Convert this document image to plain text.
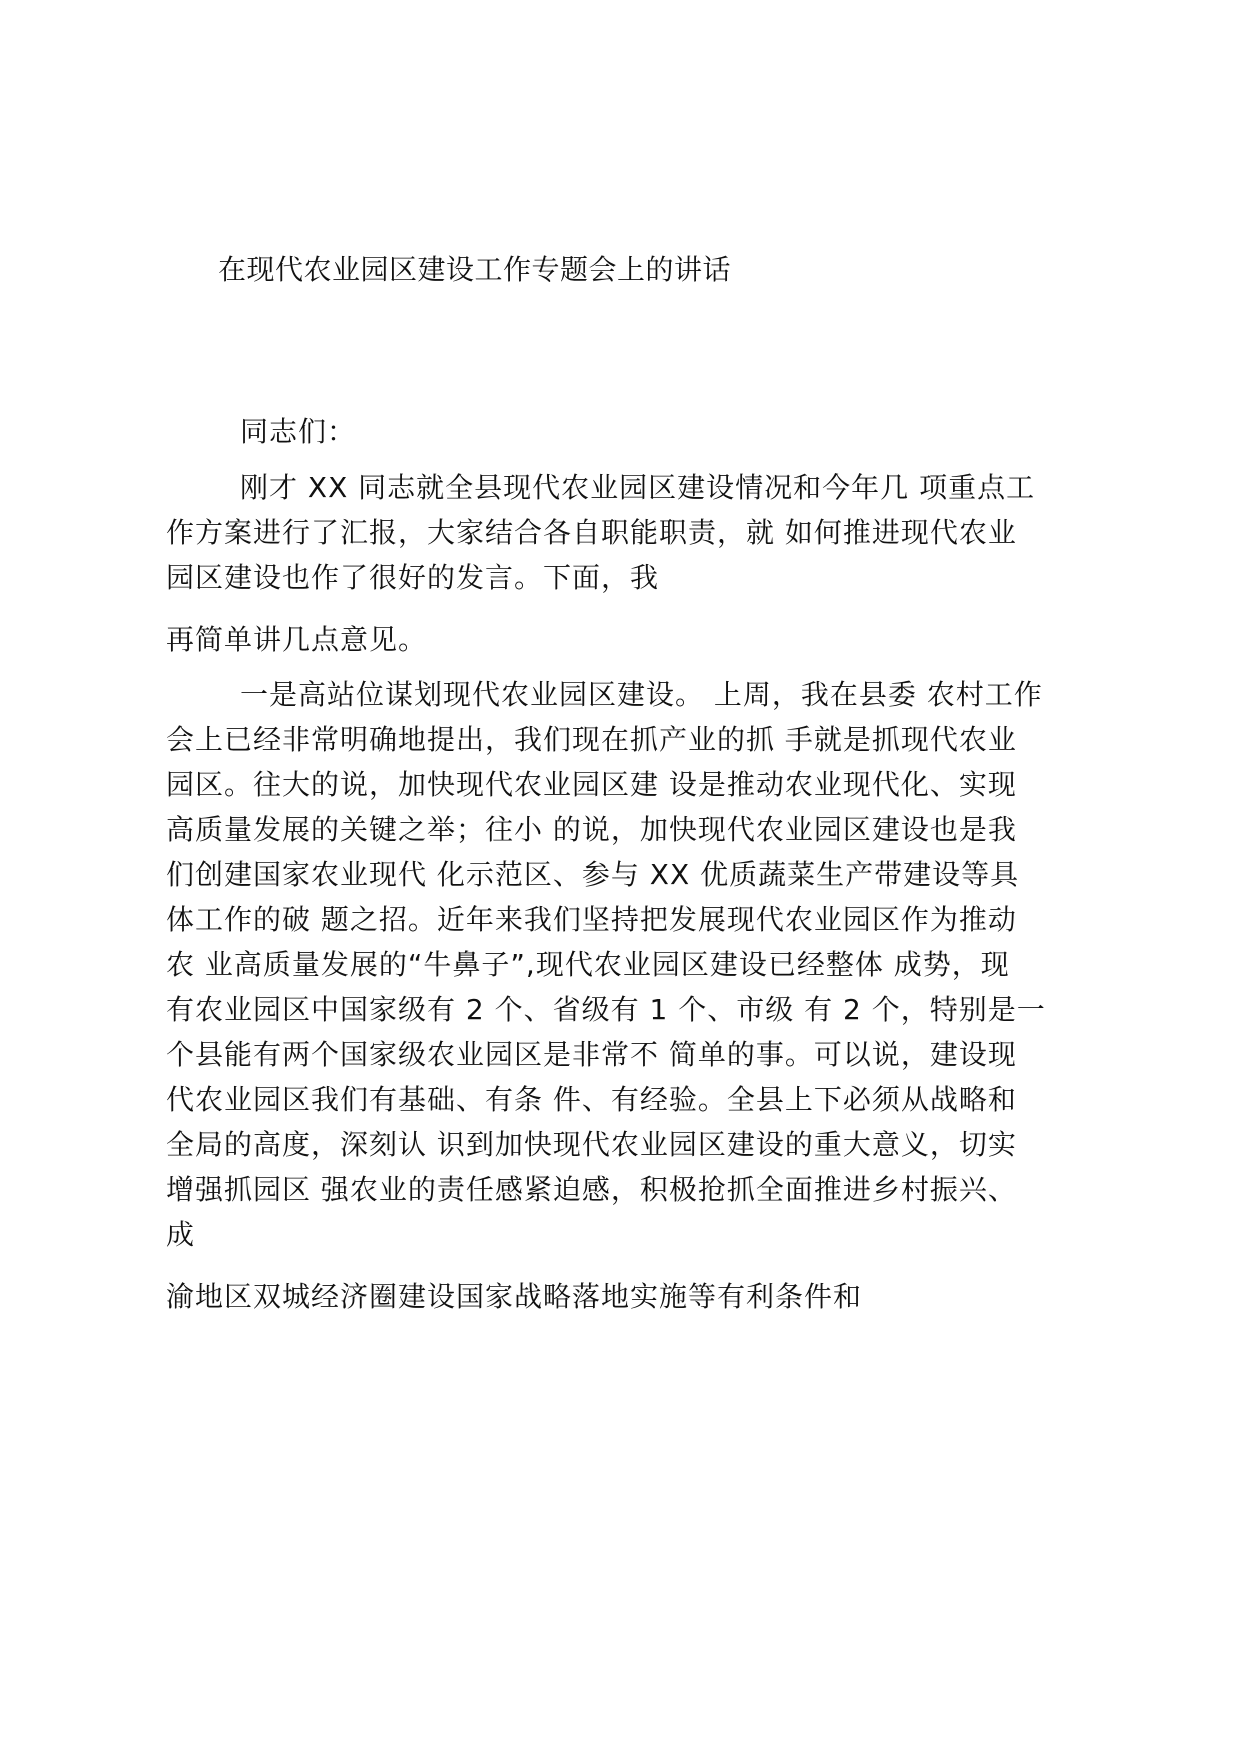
在现代农业园区建设工作专题会上的讲话
同志们：
刚才 XX 同志就全县现代农业园区建设情况和今年几 项重点工
作方案进行了汇报，大家结合各自职能职责，就 如何推进现代农业
园区建设也作了很好的发言。下面，我
再简单讲几点意见。
一是高站位谋划现代农业园区建设。 上周，我在县委 农村工作
会上已经非常明确地提出，我们现在抓产业的抓 手就是抓现代农业
园区。往大的说，加快现代农业园区建 设是推动农业现代化、实现
高质量发展的关键之举；往小 的说，加快现代农业园区建设也是我
们创建国家农业现代 化示范区、参与 XX 优质蔬菜生产带建设等具
体工作的破 题之招。近年来我们坚持把发展现代农业园区作为推动
农 业高质量发展的“牛鼻子”,现代农业园区建设已经整体 成势，现
有农业园区中国家级有 2 个、省级有 1 个、市级 有 2 个，特别是一
个县能有两个国家级农业园区是非常不 简单的事。可以说，建设现
代农业园区我们有基础、有条 件、有经验。全县上下必须从战略和
全局的高度，深刻认 识到加快现代农业园区建设的重大意义，切实
增强抓园区 强农业的责任感紧迫感，积极抢抓全面推进乡村振兴、
成
渝地区双城经济圈建设国家战略落地实施等有利条件和
